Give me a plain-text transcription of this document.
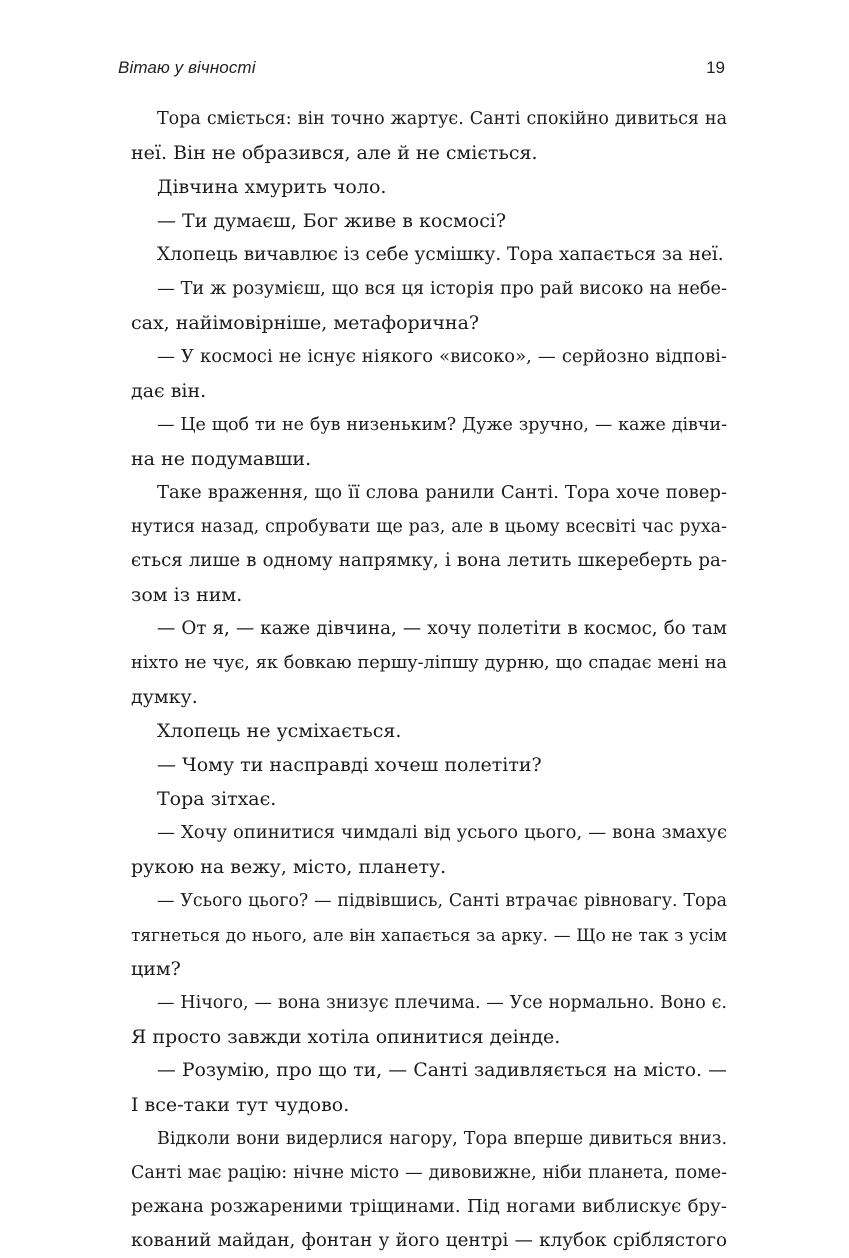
Вітаю у вічності	19
Тора сміється: він точно жартує. Санті спокійно дивиться на
неї. Він не образився, але й не сміється.
Дівчина хмурить чоло.
— Ти думаєш, Бог живе в космосі?
Хлопець вичавлює із себе усмішку. Тора хапається за неї.
— Ти ж розумієш, що вся ця історія про рай високо на небе-
сах, найімовірніше, метафорична?
— У космосі не існує ніякого «високо», — серйозно відпові-
дає він.
— Це щоб ти не був низеньким? Дуже зручно, — каже дівчи-
на не подумавши.
Таке враження, що її слова ранили Санті. Тора хоче повер-
нутися назад, спробувати ще раз, але в цьому всесвіті час руха-
ється лише в одному напрямку, і вона летить шкереберть ра-
зом із ним.
— От я, — каже дівчина, — хочу полетіти в космос, бо там
ніхто не чує, як бовкаю першу-ліпшу дурню, що спадає мені на
думку.
Хлопець не усміхається.
— Чому ти насправді хочеш полетіти?
Тора зітхає.
— Хочу опинитися чимдалі від усього цього, — вона змахує
рукою на вежу, місто, планету.
— Усього цього? — підвівшись, Санті втрачає рівновагу. Тора
тягнеться до нього, але він хапається за арку. — Що не так з усім
цим?
— Нічого, — вона знизує плечима. — Усе нормально. Воно є.
Я просто завжди хотіла опинитися деінде.
— Розумію, про що ти, — Санті задивляється на місто. —
І все-таки тут чудово.
Відколи вони видерлися нагору, Тора вперше дивиться вниз.
Санті має рацію: нічне місто — дивовижне, ніби планета, поме-
режана розжареними тріщинами. Під ногами виблискує бру-
кований майдан, фонтан у його центрі — клубок сріблястого
